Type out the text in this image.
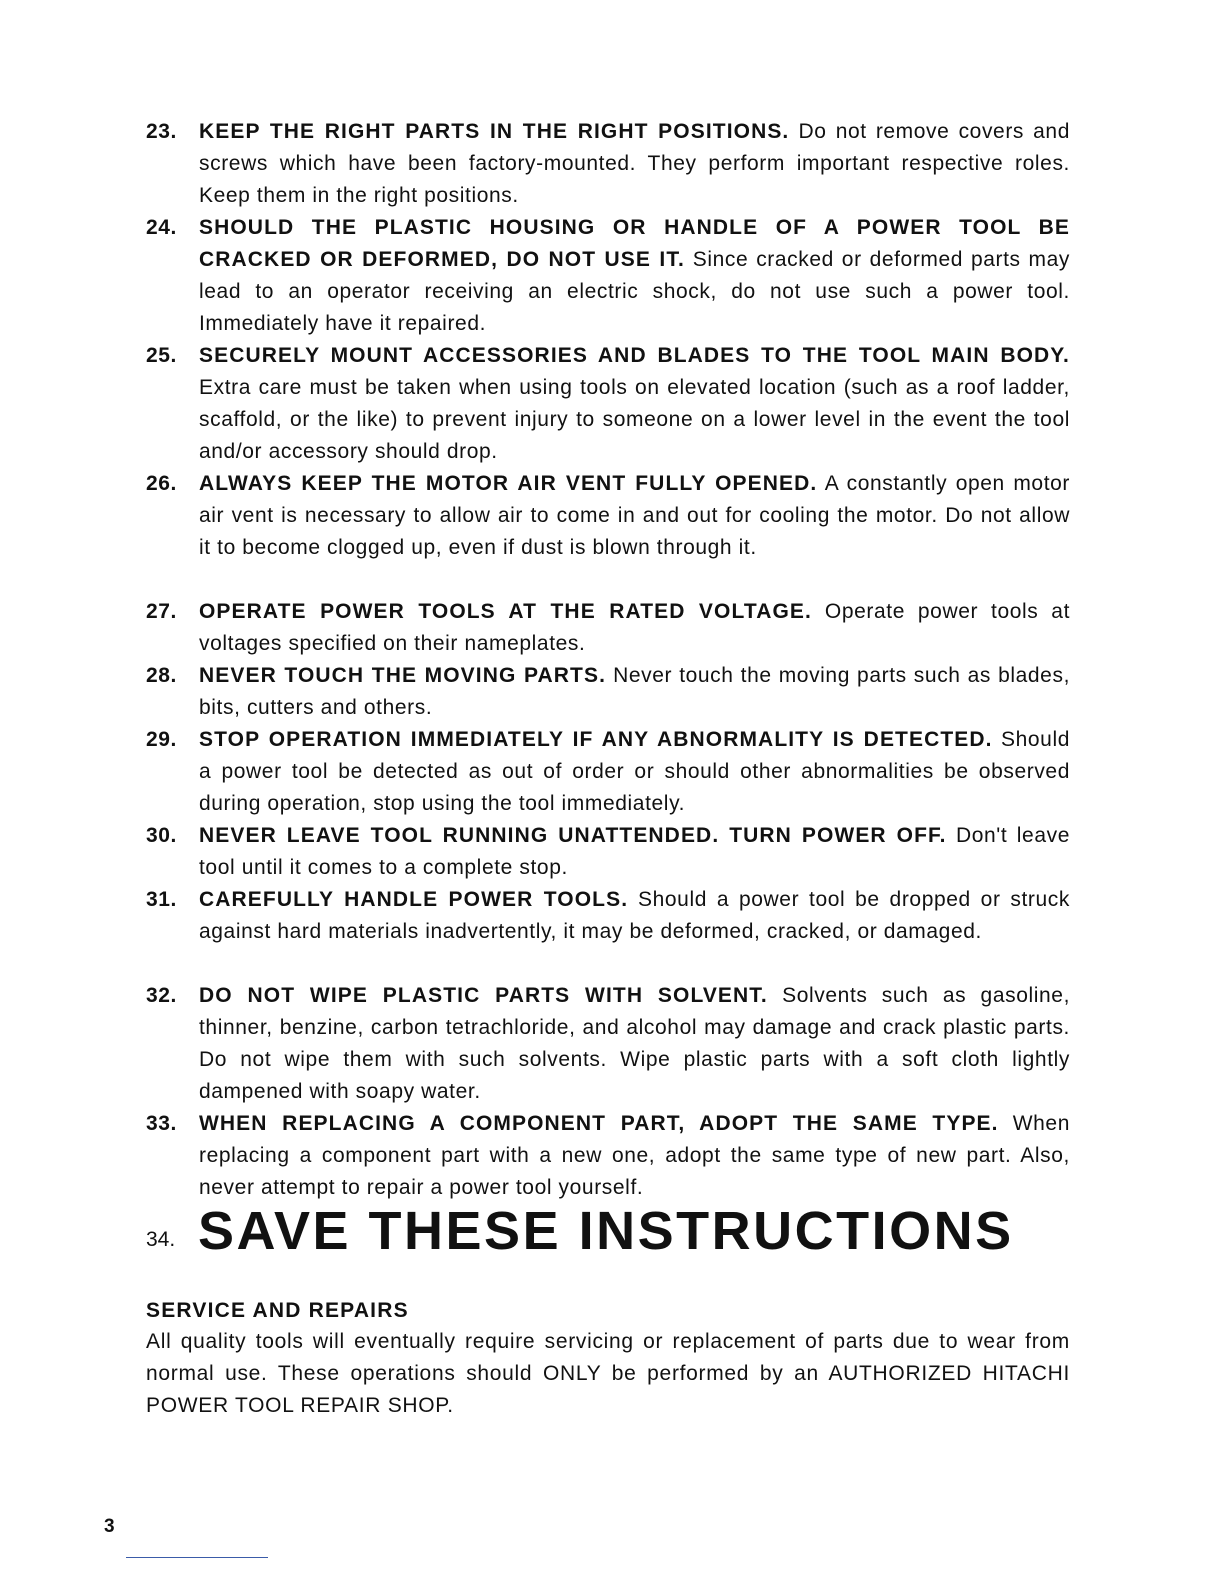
23. KEEP THE RIGHT PARTS IN THE RIGHT POSITIONS. Do not remove covers and screws which have been factory-mounted. They perform important respective roles. Keep them in the right positions.
24. SHOULD THE PLASTIC HOUSING OR HANDLE OF A POWER TOOL BE CRACKED OR DEFORMED, DO NOT USE IT. Since cracked or deformed parts may lead to an operator receiving an electric shock, do not use such a power tool. Immediately have it repaired.
25. SECURELY MOUNT ACCESSORIES AND BLADES TO THE TOOL MAIN BODY. Extra care must be taken when using tools on elevated location (such as a roof ladder, scaffold, or the like) to prevent injury to someone on a lower level in the event the tool and/or accessory should drop.
26. ALWAYS KEEP THE MOTOR AIR VENT FULLY OPENED. A constantly open motor air vent is necessary to allow air to come in and out for cooling the motor. Do not allow it to become clogged up, even if dust is blown through it.
27. OPERATE POWER TOOLS AT THE RATED VOLTAGE. Operate power tools at voltages specified on their nameplates.
28. NEVER TOUCH THE MOVING PARTS. Never touch the moving parts such as blades, bits, cutters and others.
29. STOP OPERATION IMMEDIATELY IF ANY ABNORMALITY IS DETECTED. Should a power tool be detected as out of order or should other abnormalities be observed during operation, stop using the tool immediately.
30. NEVER LEAVE TOOL RUNNING UNATTENDED. TURN POWER OFF. Don't leave tool until it comes to a complete stop.
31. CAREFULLY HANDLE POWER TOOLS. Should a power tool be dropped or struck against hard materials inadvertently, it may be deformed, cracked, or damaged.
32. DO NOT WIPE PLASTIC PARTS WITH SOLVENT. Solvents such as gasoline, thinner, benzine, carbon tetrachloride, and alcohol may damage and crack plastic parts. Do not wipe them with such solvents. Wipe plastic parts with a soft cloth lightly dampened with soapy water.
33. WHEN REPLACING A COMPONENT PART, ADOPT THE SAME TYPE. When replacing a component part with a new one, adopt the same type of new part. Also, never attempt to repair a power tool yourself.
34. SAVE THESE INSTRUCTIONS
SERVICE AND REPAIRS
All quality tools will eventually require servicing or replacement of parts due to wear from normal use. These operations should ONLY be performed by an AUTHORIZED HITACHI POWER TOOL REPAIR SHOP.
3
